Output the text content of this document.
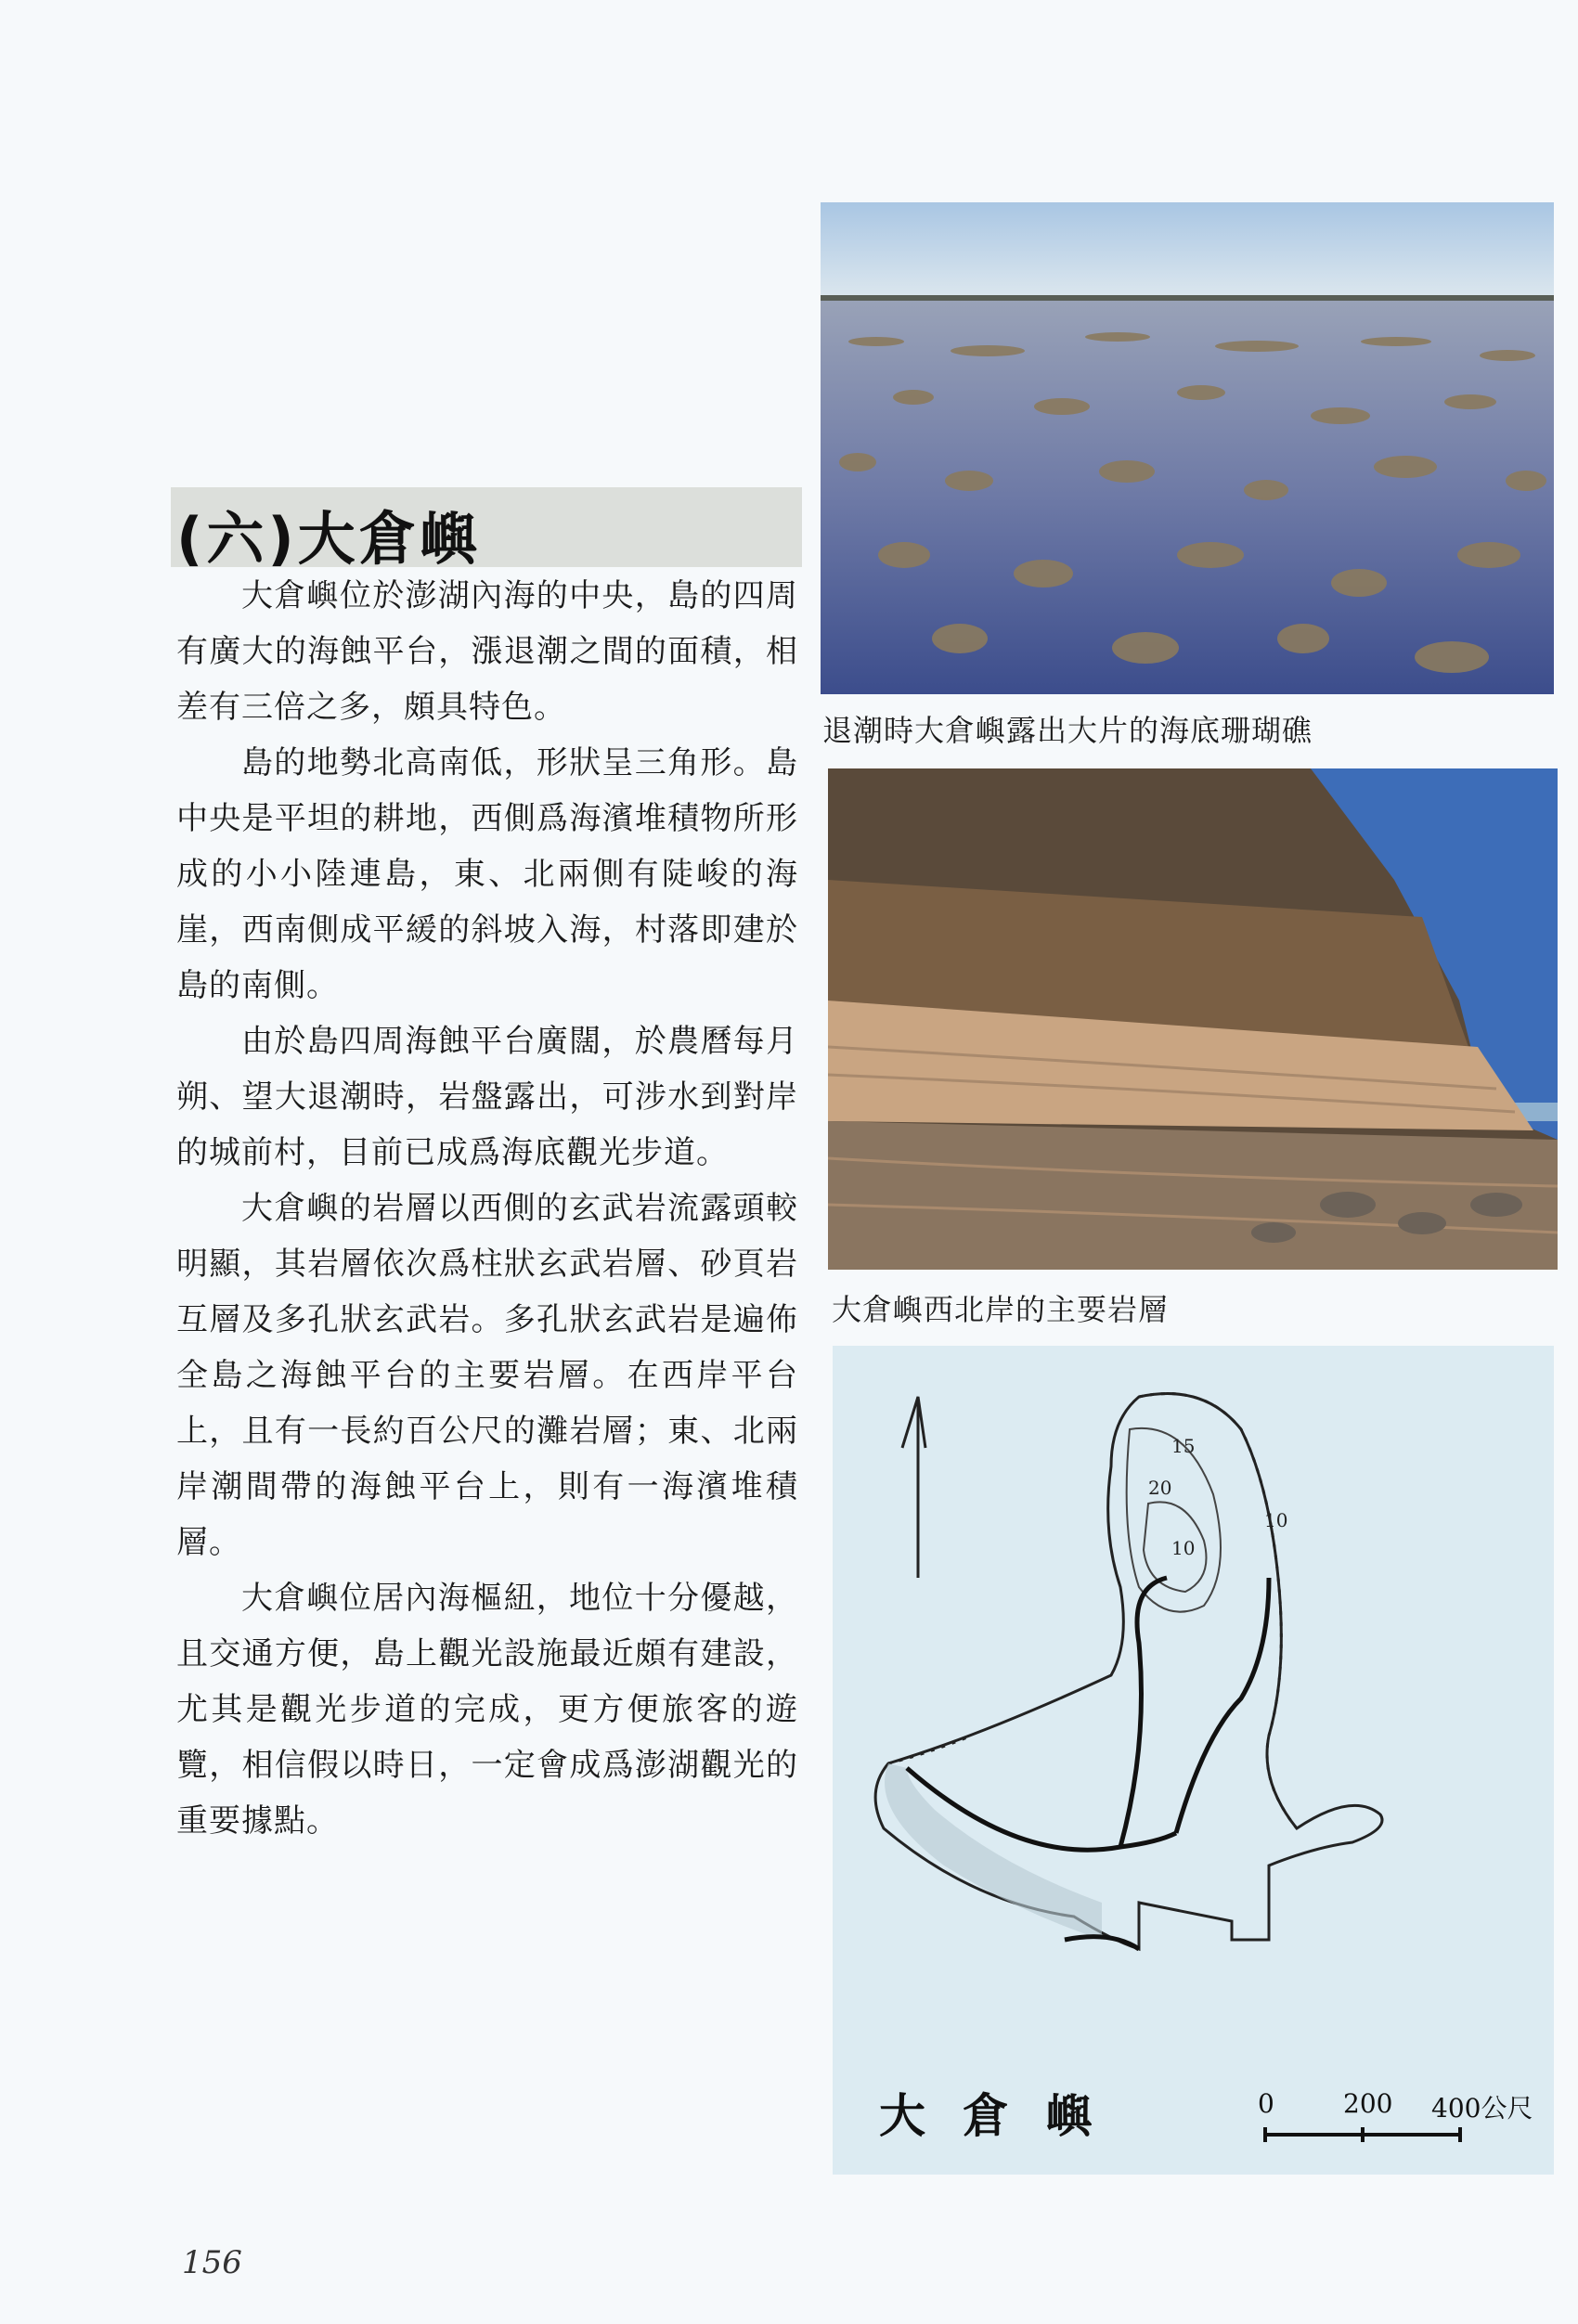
(六)大倉嶼

大倉嶼位於澎湖內海的中央，島的四周有廣大的海蝕平台，漲退潮之間的面積，相差有三倍之多，頗具特色。

島的地勢北高南低，形狀呈三角形。島中央是平坦的耕地，西側爲海濱堆積物所形成的小小陸連島，東、北兩側有陡峻的海崖，西南側成平緩的斜坡入海，村落即建於島的南側。

由於島四周海蝕平台廣闊，於農曆每月朔、望大退潮時，岩盤露出，可涉水到對岸的城前村，目前已成爲海底觀光步道。

大倉嶼的岩層以西側的玄武岩流露頭較明顯，其岩層依次爲柱狀玄武岩層、砂頁岩互層及多孔狀玄武岩。多孔狀玄武岩是遍佈全島之海蝕平台的主要岩層。在西岸平台上，且有一長約百公尺的灘岩層；東、北兩岸潮間帶的海蝕平台上，則有一海濱堆積層。

大倉嶼位居內海樞紐，地位十分優越，且交通方便，島上觀光設施最近頗有建設，尤其是觀光步道的完成，更方便旅客的遊覽，相信假以時日，一定會成爲澎湖觀光的重要據點。

退潮時大倉嶼露出大片的海底珊瑚礁
大倉嶼西北岸的主要岩層
15
20
10
10
大倉嶼	0	200 400公尺
156
